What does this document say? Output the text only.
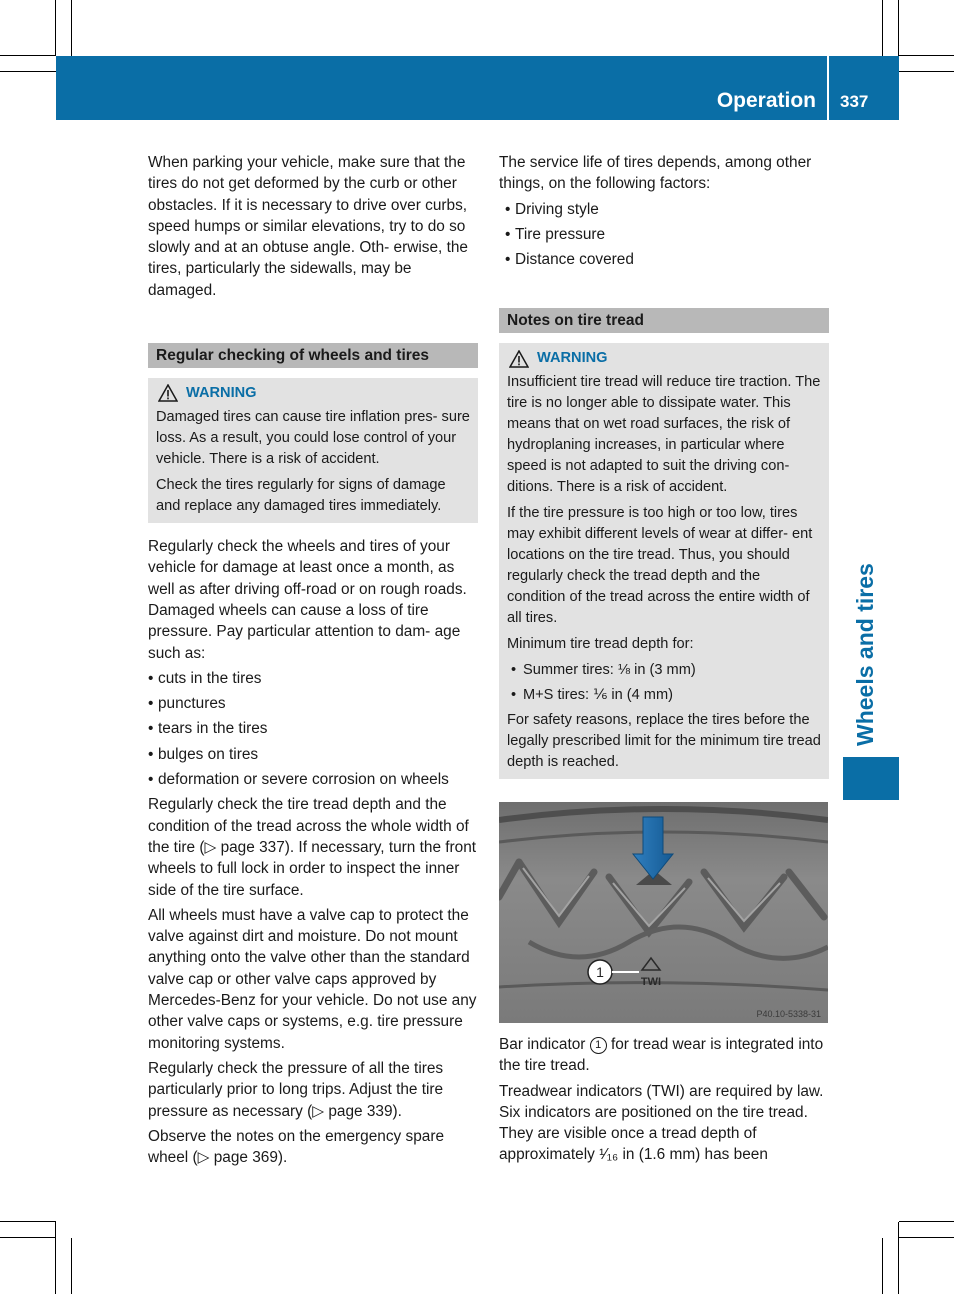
Operation 337
Wheels and tires

When parking your vehicle, make sure that the tires do not get deformed by the curb or other obstacles. If it is necessary to drive over curbs, speed humps or similar elevations, try to do so slowly and at an obtuse angle. Oth- erwise, the tires, particularly the sidewalls, may be damaged.

Regular checking of wheels and tires
WARNING

Damaged tires can cause tire inflation pres- sure loss. As a result, you could lose control of your vehicle. There is a risk of accident.

Check the tires regularly for signs of damage and replace any damaged tires immediately.

Regularly check the wheels and tires of your vehicle for damage at least once a month, as well as after driving off-road or on rough roads. Damaged wheels can cause a loss of tire pressure. Pay particular attention to dam- age such as:

• cuts in the tires
• punctures
• tears in the tires
• bulges on tires
• deformation or severe corrosion on wheels

Regularly check the tire tread depth and the condition of the tread across the whole width of the tire (▷ page 337). If necessary, turn the front wheels to full lock in order to inspect the inner side of the tire surface.

All wheels must have a valve cap to protect the valve against dirt and moisture. Do not mount anything onto the valve other than the standard valve cap or other valve caps approved by Mercedes-Benz for your vehicle. Do not use any other valve caps or systems, e.g. tire pressure monitoring systems.

Regularly check the pressure of all the tires particularly prior to long trips. Adjust the tire pressure as necessary (▷ page 339).

Observe the notes on the emergency spare wheel (▷ page 369).

The service life of tires depends, among other things, on the following factors:

• Driving style
• Tire pressure
• Distance covered
Notes on tire tread
WARNING

Insufficient tire tread will reduce tire traction. The tire is no longer able to dissipate water. This means that on wet road surfaces, the risk of hydroplaning increases, in particular where speed is not adapted to suit the driving con- ditions. There is a risk of accident.

If the tire pressure is too high or too low, tires may exhibit different levels of wear at differ- ent locations on the tire tread. Thus, you should regularly check the tread depth and the condition of the tread across the entire width of all tires.

Minimum tire tread depth for:

• Summer tires: ⅛ in (3 mm)
• M+S tires: ⅙ in (4 mm)

For safety reasons, replace the tires before the legally prescribed limit for the minimum tire tread depth is reached.

1
TWI
P40.10-5338-31

Bar indicator 1 for tread wear is integrated into the tire tread.

Treadwear indicators (TWI) are required by law. Six indicators are positioned on the tire tread. They are visible once a tread depth of approximately ¹⁄₁₆ in (1.6 mm) has been
